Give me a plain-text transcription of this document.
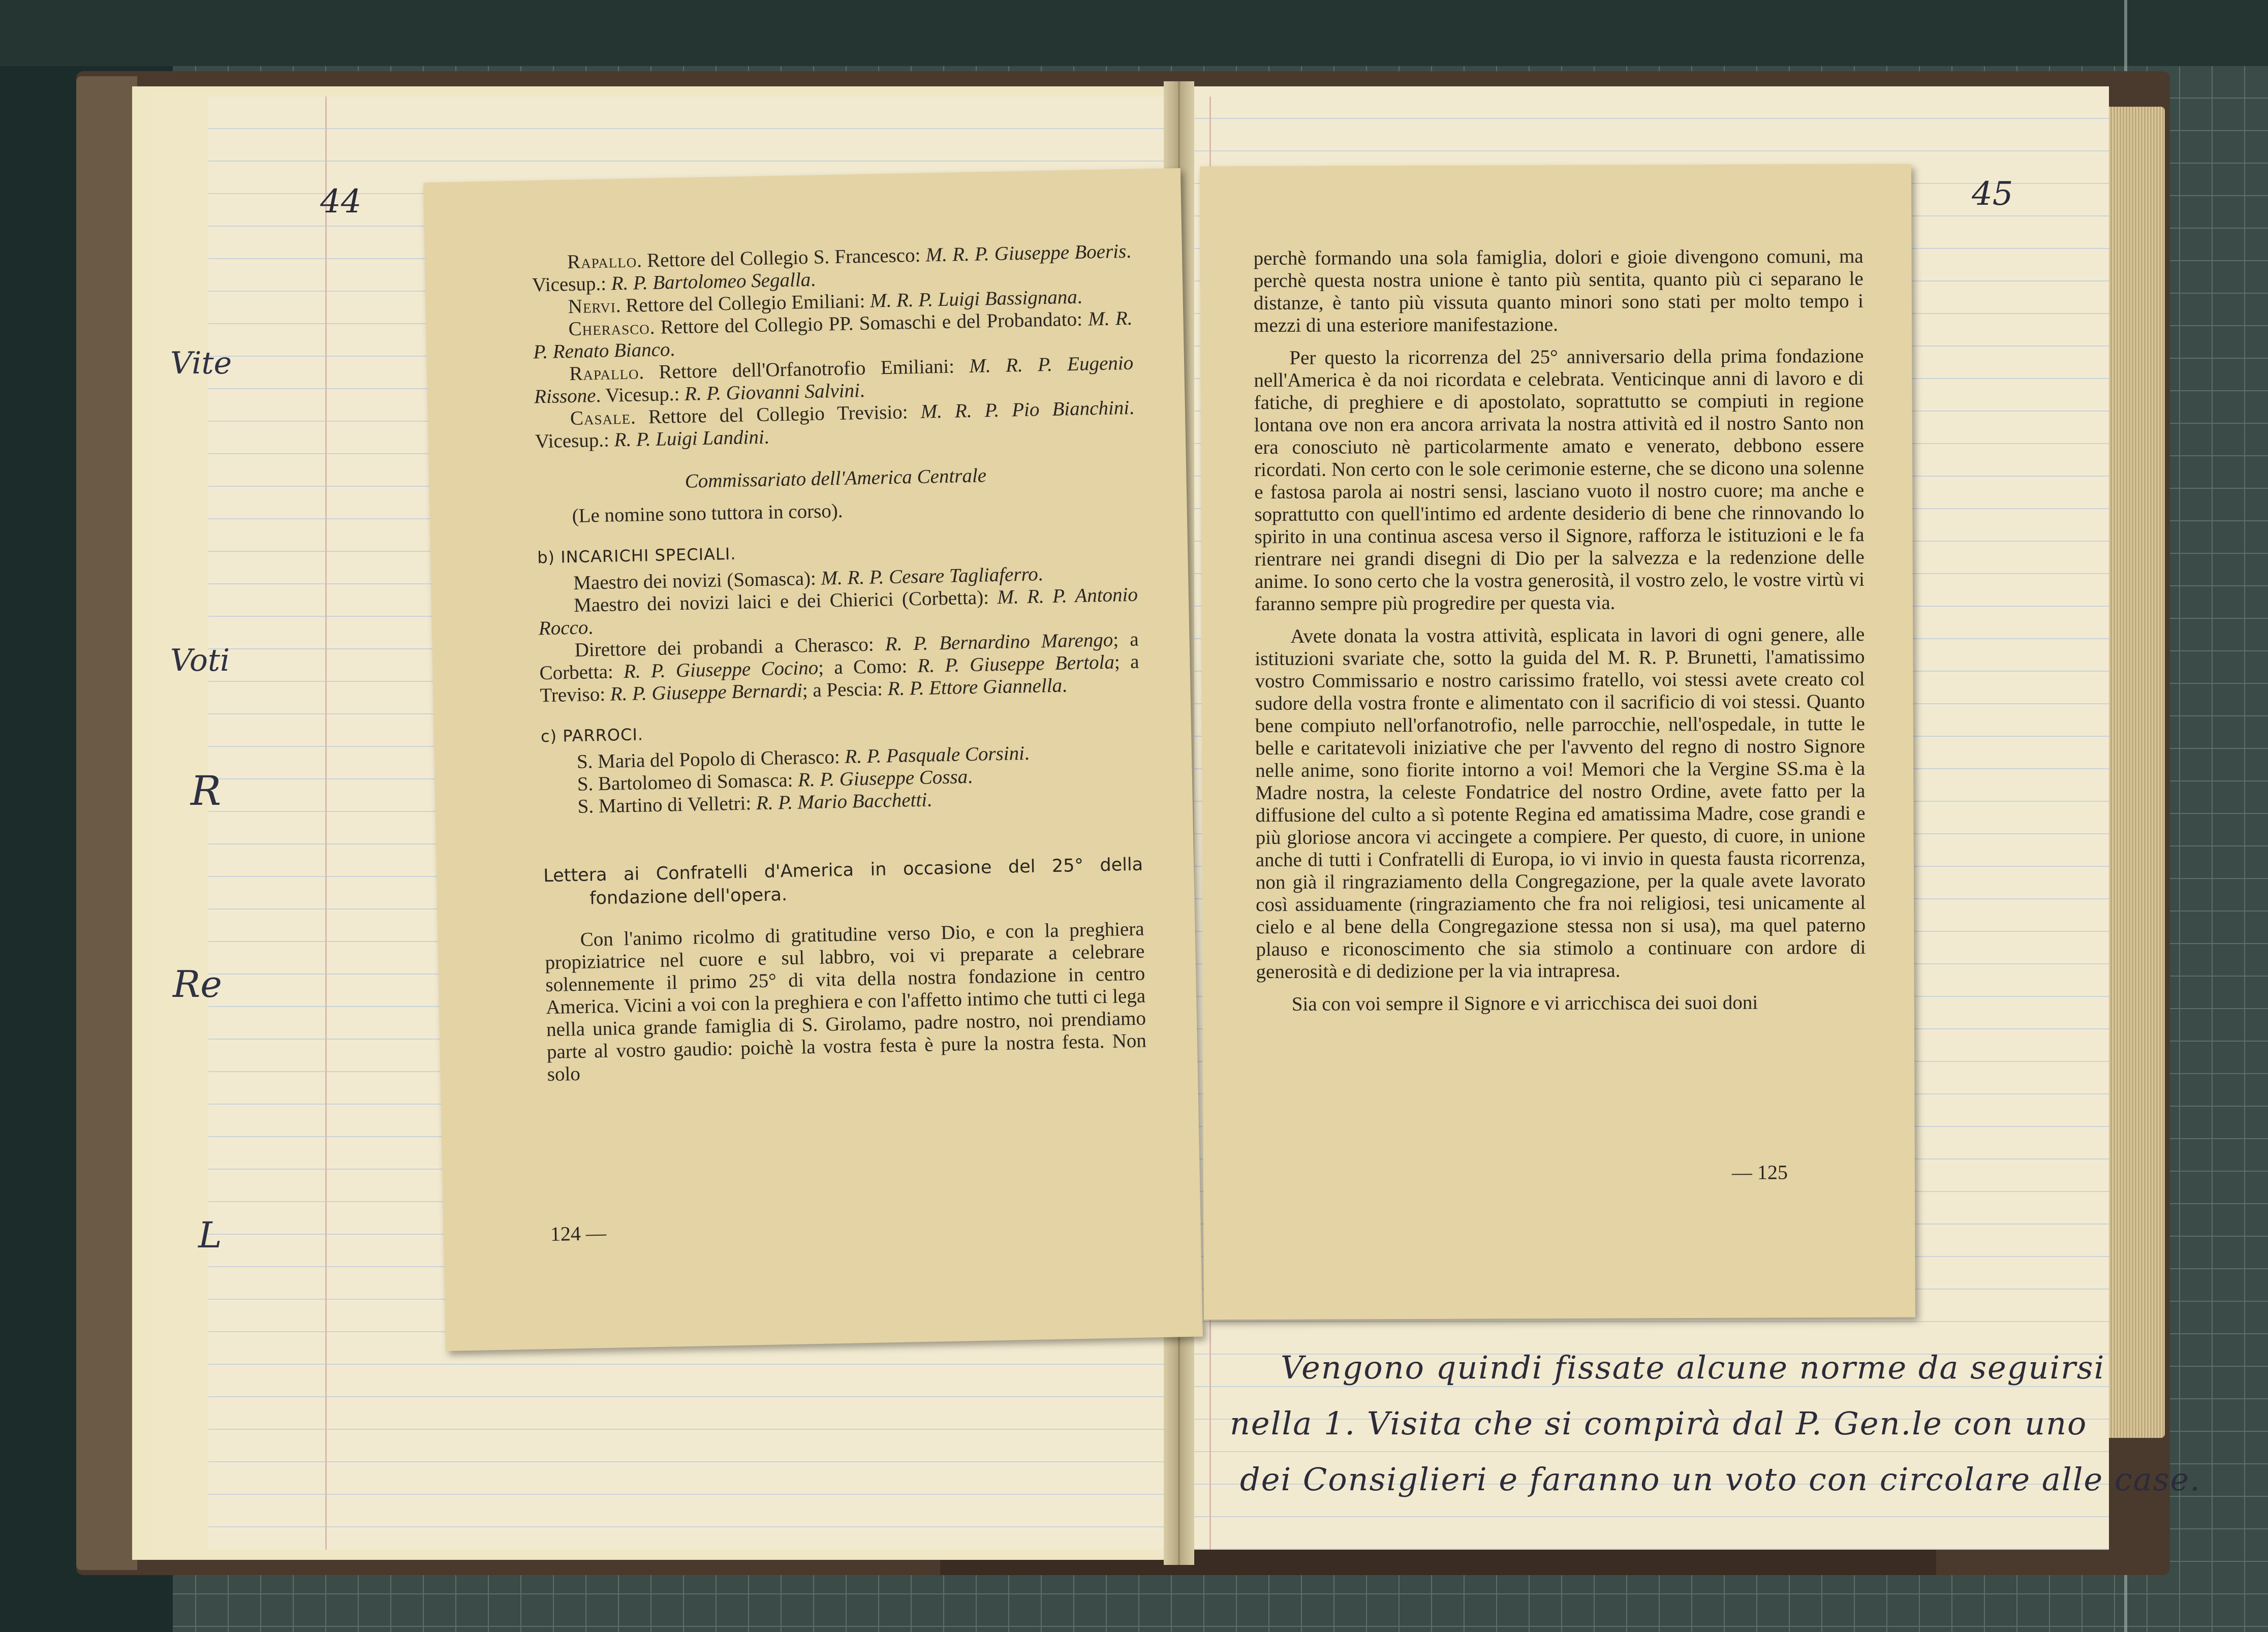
44	45
Vite
Voti
R
Re
L
Vengono quindi fissate alcune norme da seguirsi
nella 1. Visita che si compirà dal P. Gen.le con uno
dei Consiglieri e faranno un voto con circolare alle case.

Rapallo. Rettore del Collegio S. Francesco: M. R. P. Giuseppe Boeris. Vicesup.: R. P. Bartolomeo Segalla.

Nervi. Rettore del Collegio Emiliani: M. R. P. Luigi Bassignana.

Cherasco. Rettore del Collegio PP. Somaschi e del Probandato: M. R. P. Renato Bianco.

Rapallo. Rettore dell'Orfanotrofio Emiliani: M. R. P. Eugenio Rissone. Vicesup.: R. P. Giovanni Salvini.

Casale. Rettore del Collegio Trevisio: M. R. P. Pio Bianchini. Vicesup.: R. P. Luigi Landini.

Commissariato dell'America Centrale

(Le nomine sono tuttora in corso).

b) INCARICHI SPECIALI.

Maestro dei novizi (Somasca): M. R. P. Cesare Tagliaferro.

Maestro dei novizi laici e dei Chierici (Corbetta): M. R. P. Antonio Rocco.

Direttore dei probandi a Cherasco: R. P. Bernardino Marengo; a Corbetta: R. P. Giuseppe Cocino; a Como: R. P. Giuseppe Bertola; a Treviso: R. P. Giuseppe Bernardi; a Pescia: R. P. Ettore Giannella.

c) PARROCI.

S. Maria del Popolo di Cherasco: R. P. Pasquale Corsini.

S. Bartolomeo di Somasca: R. P. Giuseppe Cossa.

S. Martino di Velletri: R. P. Mario Bacchetti.

Lettera ai Confratelli d'America in occasione del 25° della fondazione dell'opera.

Con l'animo ricolmo di gratitudine verso Dio, e con la preghiera propiziatrice nel cuore e sul labbro, voi vi preparate a celebrare solennemente il primo 25° di vita della nostra fondazione in centro America. Vicini a voi con la preghiera e con l'affetto intimo che tutti ci lega nella unica grande famiglia di S. Girolamo, padre nostro, noi prendiamo parte al vostro gaudio: poichè la vostra festa è pure la nostra festa. Non solo

124 —

perchè formando una sola famiglia, dolori e gioie divengono comuni, ma perchè questa nostra unione è tanto più sentita, quanto più ci separano le distanze, è tanto più vissuta quanto minori sono stati per molto tempo i mezzi di una esteriore manifestazione.

Per questo la ricorrenza del 25° anniversario della prima fondazione nell'America è da noi ricordata e celebrata. Venticinque anni di lavoro e di fatiche, di preghiere e di apostolato, soprattutto se compiuti in regione lontana ove non era ancora arrivata la nostra attività ed il nostro Santo non era conosciuto nè particolarmente amato e venerato, debbono essere ricordati. Non certo con le sole cerimonie esterne, che se dicono una solenne e fastosa parola ai nostri sensi, lasciano vuoto il nostro cuore; ma anche e soprattutto con quell'intimo ed ardente desiderio di bene che rinnovando lo spirito in una continua ascesa verso il Signore, rafforza le istituzioni e le fa rientrare nei grandi disegni di Dio per la salvezza e la redenzione delle anime. Io sono certo che la vostra generosità, il vostro zelo, le vostre virtù vi faranno sempre più progredire per questa via.

Avete donata la vostra attività, esplicata in lavori di ogni genere, alle istituzioni svariate che, sotto la guida del M. R. P. Brunetti, l'amatissimo vostro Commissario e nostro carissimo fratello, voi stessi avete creato col sudore della vostra fronte e alimentato con il sacrificio di voi stessi. Quanto bene compiuto nell'orfanotrofio, nelle parrocchie, nell'ospedale, in tutte le belle e caritatevoli iniziative che per l'avvento del regno di nostro Signore nelle anime, sono fiorite intorno a voi! Memori che la Vergine SS.ma è la Madre nostra, la celeste Fondatrice del nostro Ordine, avete fatto per la diffusione del culto a sì potente Regina ed amatissima Madre, cose grandi e più gloriose ancora vi accingete a compiere. Per questo, di cuore, in unione anche di tutti i Confratelli di Europa, io vi invio in questa fausta ricorrenza, non già il ringraziamento della Congregazione, per la quale avete lavorato così assiduamente (ringraziamento che fra noi religiosi, tesi unicamente al cielo e al bene della Congregazione stessa non si usa), ma quel paterno plauso e riconoscimento che sia stimolo a continuare con ardore di generosità e di dedizione per la via intrapresa.

Sia con voi sempre il Signore e vi arricchisca dei suoi doni

— 125
